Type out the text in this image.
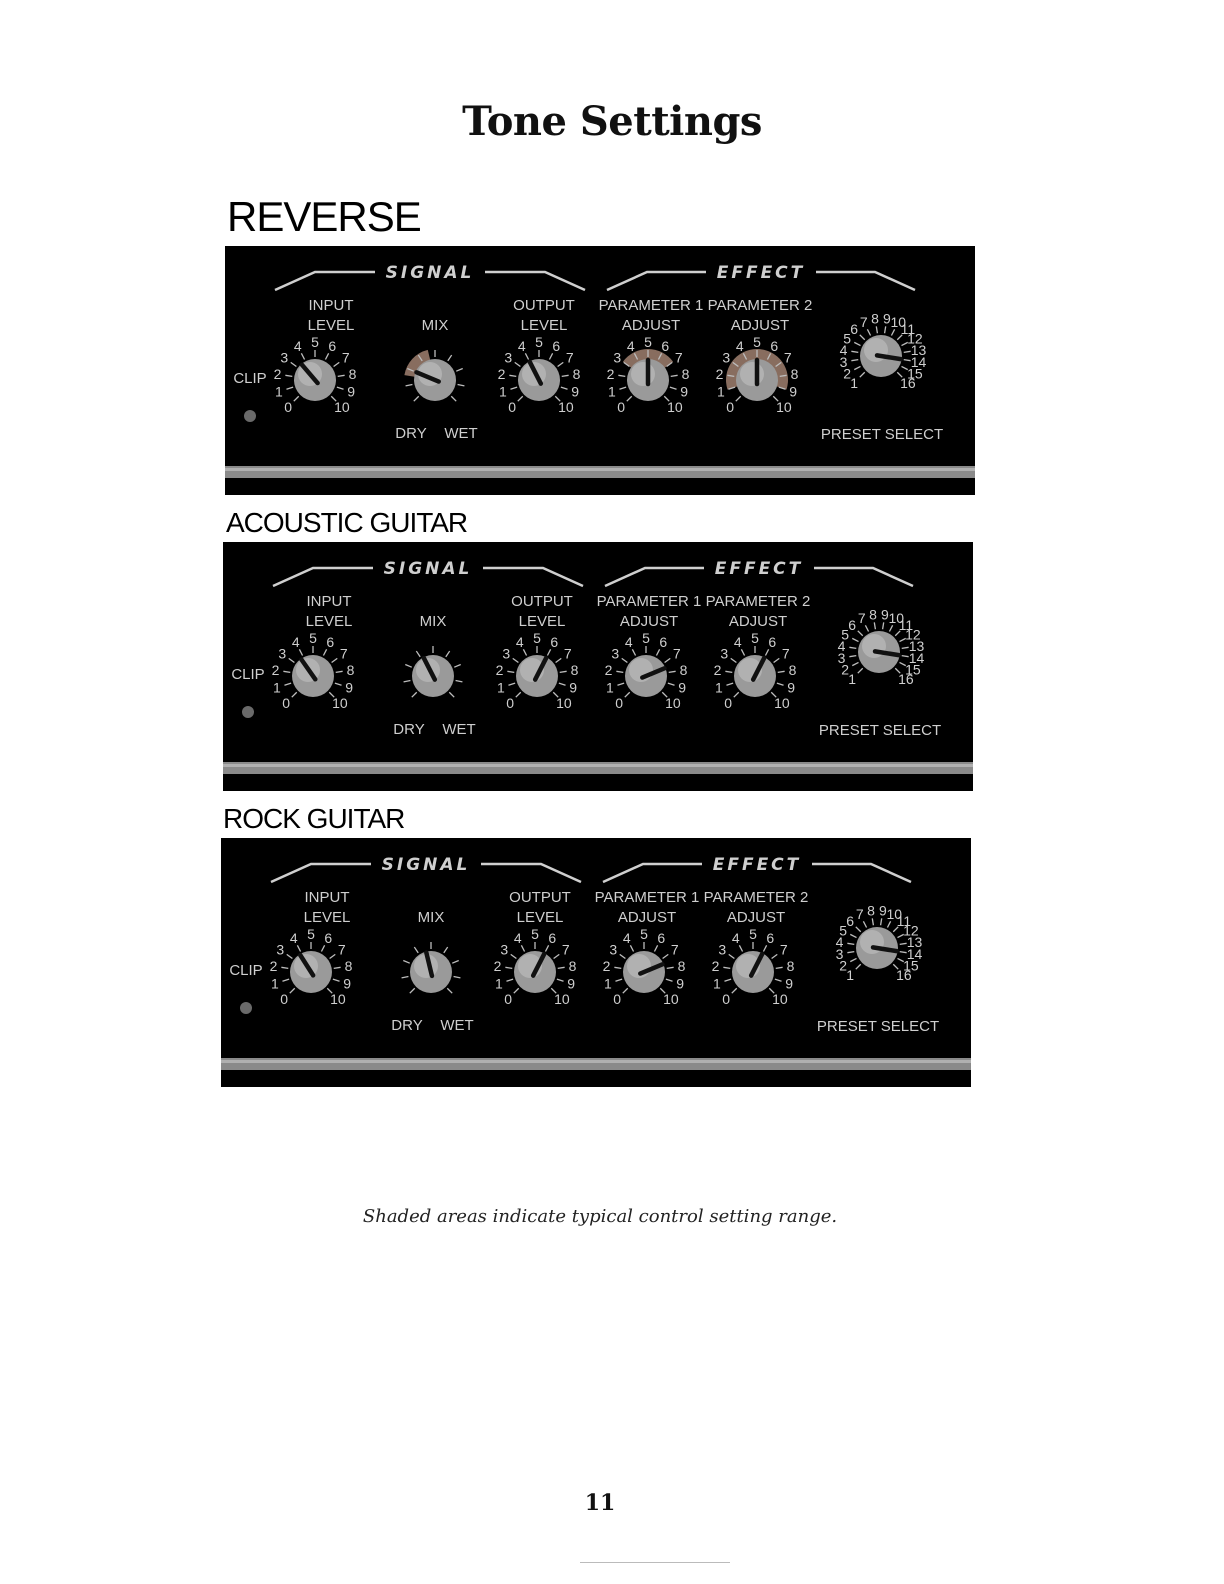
Tone Settings
REVERSE
SIGNAL	EFFECT
INPUT
LEVEL	MIX
OUTPUT
LEVEL
PARAMETER 1
ADJUST
PARAMETER 2
ADJUST
CLIP
0
1
2
3
4 5 6
7
8
9
10
DRY WET
0
1
2
3
4 5 6
7
8
9
10	0
1
2
3
4 5 6
7
8
9
10	0
1
2
3
4 5 6
7
8
9
10
1
2
3
4
5
6 7 8 9 10
11
12
13
14
15
16
PRESET SELECT
ACOUSTIC GUITAR
SIGNAL	EFFECT
INPUT
LEVEL	MIX
OUTPUT
LEVEL
PARAMETER 1
ADJUST
PARAMETER 2
ADJUST
CLIP
0
1
2
3
4 5 6
7
8
9
10
DRY WET
0
1
2
3
4 5 6
7
8
9
10	0
1
2
3
4 5 6
7
8
9
10	0
1
2
3
4 5 6
7
8
9
10
1
2
3
4
5
6 7 8 9 10
11
12
13
14
15
16
PRESET SELECT
ROCK GUITAR
SIGNAL	EFFECT
INPUT
LEVEL	MIX
OUTPUT
LEVEL
PARAMETER 1
ADJUST
PARAMETER 2
ADJUST
CLIP
0
1
2
3
4 5 6
7
8
9
10
DRY WET
0
1
2
3
4 5 6
7
8
9
10	0
1
2
3
4 5 6
7
8
9
10	0
1
2
3
4 5 6
7
8
9
10
1
2
3
4
5
6 7 8 9 10
11
12
13
14
15
16
PRESET SELECT
Shaded areas indicate typical control setting range.
11
